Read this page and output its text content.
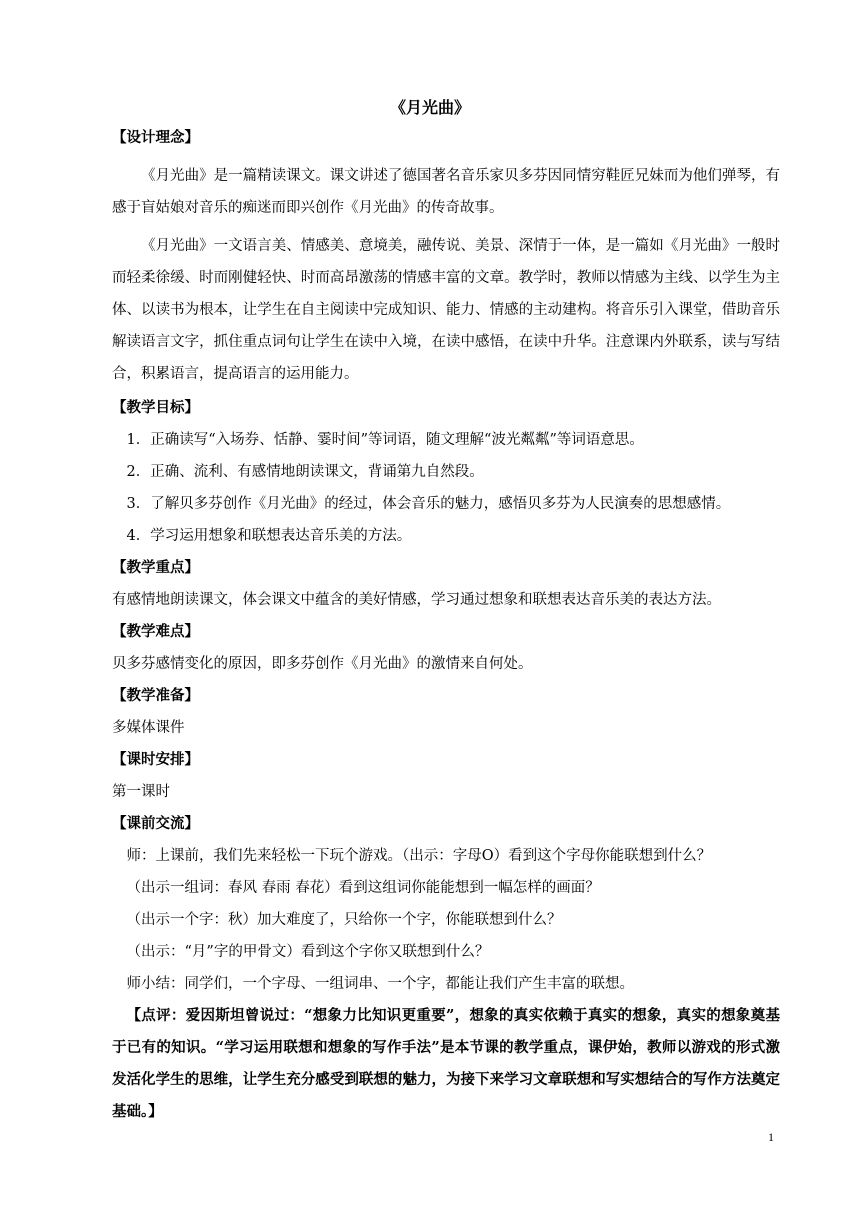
《月光曲》
【设计理念】

《月光曲》是一篇精读课文。课文讲述了德国著名音乐家贝多芬因同情穷鞋匠兄妹而为他们弹琴，有感于盲姑娘对音乐的痴迷而即兴创作《月光曲》的传奇故事。

《月光曲》一文语言美、情感美、意境美，融传说、美景、深情于一体，是一篇如《月光曲》一般时而轻柔徐缓、时而刚健轻快、时而高昂激荡的情感丰富的文章。教学时，教师以情感为主线、以学生为主体、以读书为根本，让学生在自主阅读中完成知识、能力、情感的主动建构。将音乐引入课堂，借助音乐解读语言文字，抓住重点词句让学生在读中入境，在读中感悟，在读中升华。注意课内外联系，读与写结合，积累语言，提高语言的运用能力。

【教学目标】
1．正确读写“入场券、恬静、霎时间”等词语，随文理解“波光粼粼”等词语意思。
2．正确、流利、有感情地朗读课文，背诵第九自然段。
3．了解贝多芬创作《月光曲》的经过，体会音乐的魅力，感悟贝多芬为人民演奏的思想感情。
4．学习运用想象和联想表达音乐美的方法。
【教学重点】
有感情地朗读课文，体会课文中蕴含的美好情感，学习通过想象和联想表达音乐美的表达方法。
【教学难点】
贝多芬感情变化的原因，即多芬创作《月光曲》的激情来自何处。
【教学准备】
多媒体课件
【课时安排】
第一课时
【课前交流】
师：上课前，我们先来轻松一下玩个游戏。（出示：字母O）看到这个字母你能联想到什么？
（出示一组词：春风 春雨 春花）看到这组词你能能想到一幅怎样的画面？
（出示一个字：秋）加大难度了，只给你一个字，你能联想到什么？
（出示：“月”字的甲骨文）看到这个字你又联想到什么？
师小结：同学们，一个字母、一组词串、一个字，都能让我们产生丰富的联想。

【点评：爱因斯坦曾说过：“想象力比知识更重要”，想象的真实依赖于真实的想象，真实的想象奠基于已有的知识。“学习运用联想和想象的写作手法”是本节课的教学重点，课伊始，教师以游戏的形式激发活化学生的思维，让学生充分感受到联想的魅力，为接下来学习文章联想和写实想结合的写作方法奠定基础。】

1
